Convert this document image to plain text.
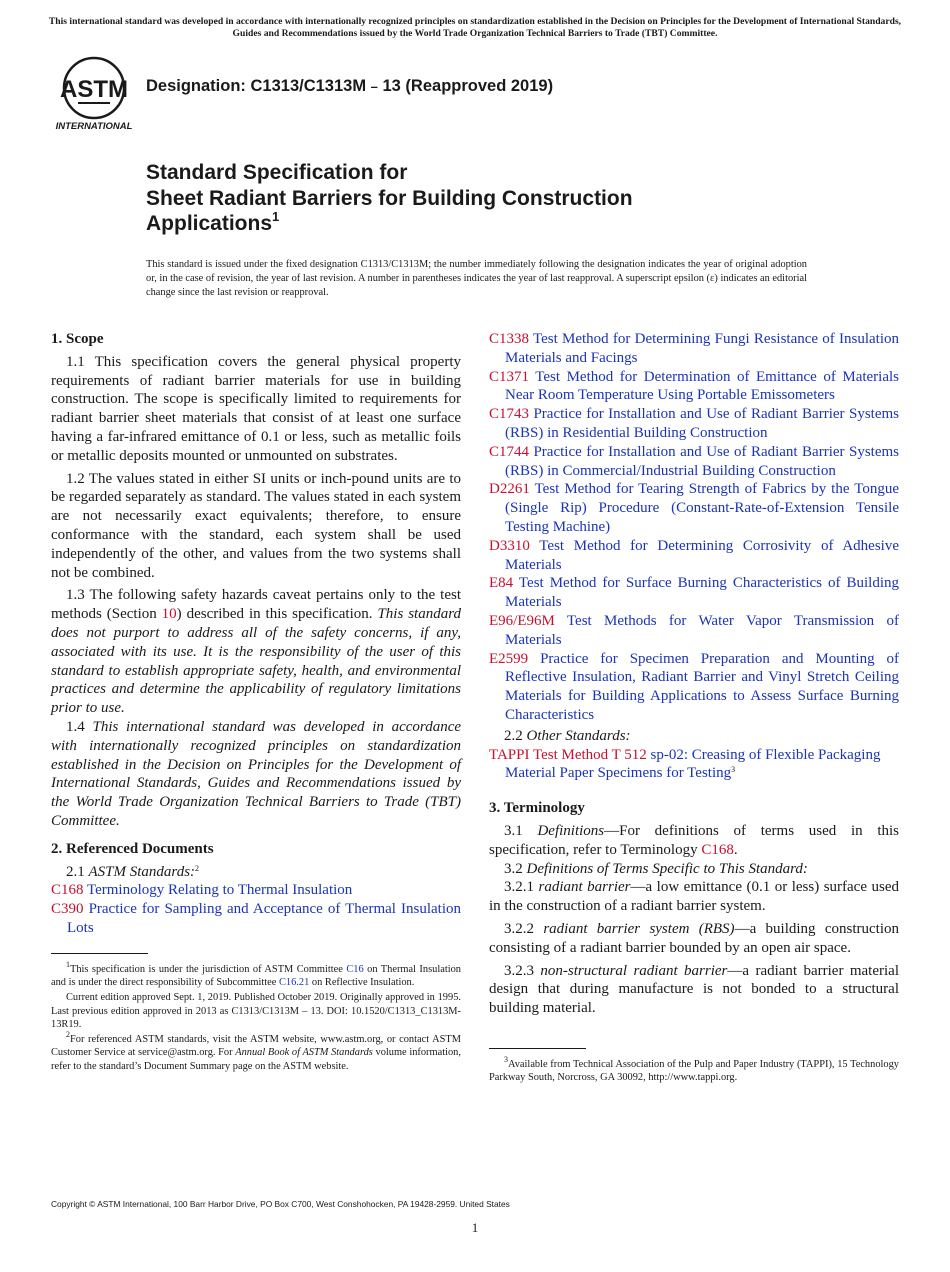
This international standard was developed in accordance with internationally recognized principles on standardization established in the Decision on Principles for the Development of International Standards, Guides and Recommendations issued by the World Trade Organization Technical Barriers to Trade (TBT) Committee.
ASTM
INTERNATIONAL
Designation: C1313/C1313M – 13 (Reapproved 2019)
Standard Specification for
Sheet Radiant Barriers for Building Construction
Applications$^1$
This standard is issued under the fixed designation C1313/C1313M; the number immediately following the designation indicates the year of original adoption or, in the case of revision, the year of last revision. A number in parentheses indicates the year of last reapproval. A superscript epsilon (ε) indicates an editorial change since the last revision or reapproval.
1. Scope
1.1 This specification covers the general physical property requirements of radiant barrier materials for use in building construction. The scope is specifically limited to requirements for radiant barrier sheet materials that consist of at least one surface having a far-infrared emittance of 0.1 or less, such as metallic foils or metallic deposits mounted or unmounted on substrates.
1.2 The values stated in either SI units or inch-pound units are to be regarded separately as standard. The values stated in each system are not necessarily exact equivalents; therefore, to ensure conformance with the standard, each system shall be used independently of the other, and values from the two systems shall not be combined.
1.3 The following safety hazards caveat pertains only to the test methods (Section 10) described in this specification. This standard does not purport to address all of the safety concerns, if any, associated with its use. It is the responsibility of the user of this standard to establish appropriate safety, health, and environmental practices and determine the applicability of regulatory limitations prior to use.
1.4 This international standard was developed in accordance with internationally recognized principles on standardization established in the Decision on Principles for the Development of International Standards, Guides and Recommendations issued by the World Trade Organization Technical Barriers to Trade (TBT) Committee.
2. Referenced Documents
2.1 ASTM Standards:$^2$
C168 Terminology Relating to Thermal Insulation
C390 Practice for Sampling and Acceptance of Thermal Insulation Lots
$^1$This specification is under the jurisdiction of ASTM Committee C16 on Thermal Insulation and is under the direct responsibility of Subcommittee C16.21 on Reflective Insulation.
Current edition approved Sept. 1, 2019. Published October 2019. Originally approved in 1995. Last previous edition approved in 2013 as C1313/C1313M – 13. DOI: 10.1520/C1313_C1313M-13R19.
$^2$For referenced ASTM standards, visit the ASTM website, www.astm.org, or contact ASTM Customer Service at service@astm.org. For Annual Book of ASTM Standards volume information, refer to the standard’s Document Summary page on the ASTM website.
C1338 Test Method for Determining Fungi Resistance of Insulation Materials and Facings
C1371 Test Method for Determination of Emittance of Materials Near Room Temperature Using Portable Emissometers
C1743 Practice for Installation and Use of Radiant Barrier Systems (RBS) in Residential Building Construction
C1744 Practice for Installation and Use of Radiant Barrier Systems (RBS) in Commercial/Industrial Building Construction
D2261 Test Method for Tearing Strength of Fabrics by the Tongue (Single Rip) Procedure (Constant-Rate-of-Extension Tensile Testing Machine)
D3310 Test Method for Determining Corrosivity of Adhesive Materials
E84 Test Method for Surface Burning Characteristics of Building Materials
E96/E96M Test Methods for Water Vapor Transmission of Materials
E2599 Practice for Specimen Preparation and Mounting of Reflective Insulation, Radiant Barrier and Vinyl Stretch Ceiling Materials for Building Applications to Assess Surface Burning Characteristics
2.2 Other Standards:
TAPPI Test Method T 512 sp-02: Creasing of Flexible Packaging Material Paper Specimens for Testing$^3$
3. Terminology
3.1 Definitions—For definitions of terms used in this specification, refer to Terminology C168.
3.2 Definitions of Terms Specific to This Standard:
3.2.1 radiant barrier—a low emittance (0.1 or less) surface used in the construction of a radiant barrier system.
3.2.2 radiant barrier system (RBS)—a building construction consisting of a radiant barrier bounded by an open air space.
3.2.3 non-structural radiant barrier—a radiant barrier material design that during manufacture is not bonded to a structural building material.
$^3$Available from Technical Association of the Pulp and Paper Industry (TAPPI), 15 Technology Parkway South, Norcross, GA 30092, http://www.tappi.org.
Copyright © ASTM International, 100 Barr Harbor Drive, PO Box C700, West Conshohocken, PA 19428-2959. United States
1
